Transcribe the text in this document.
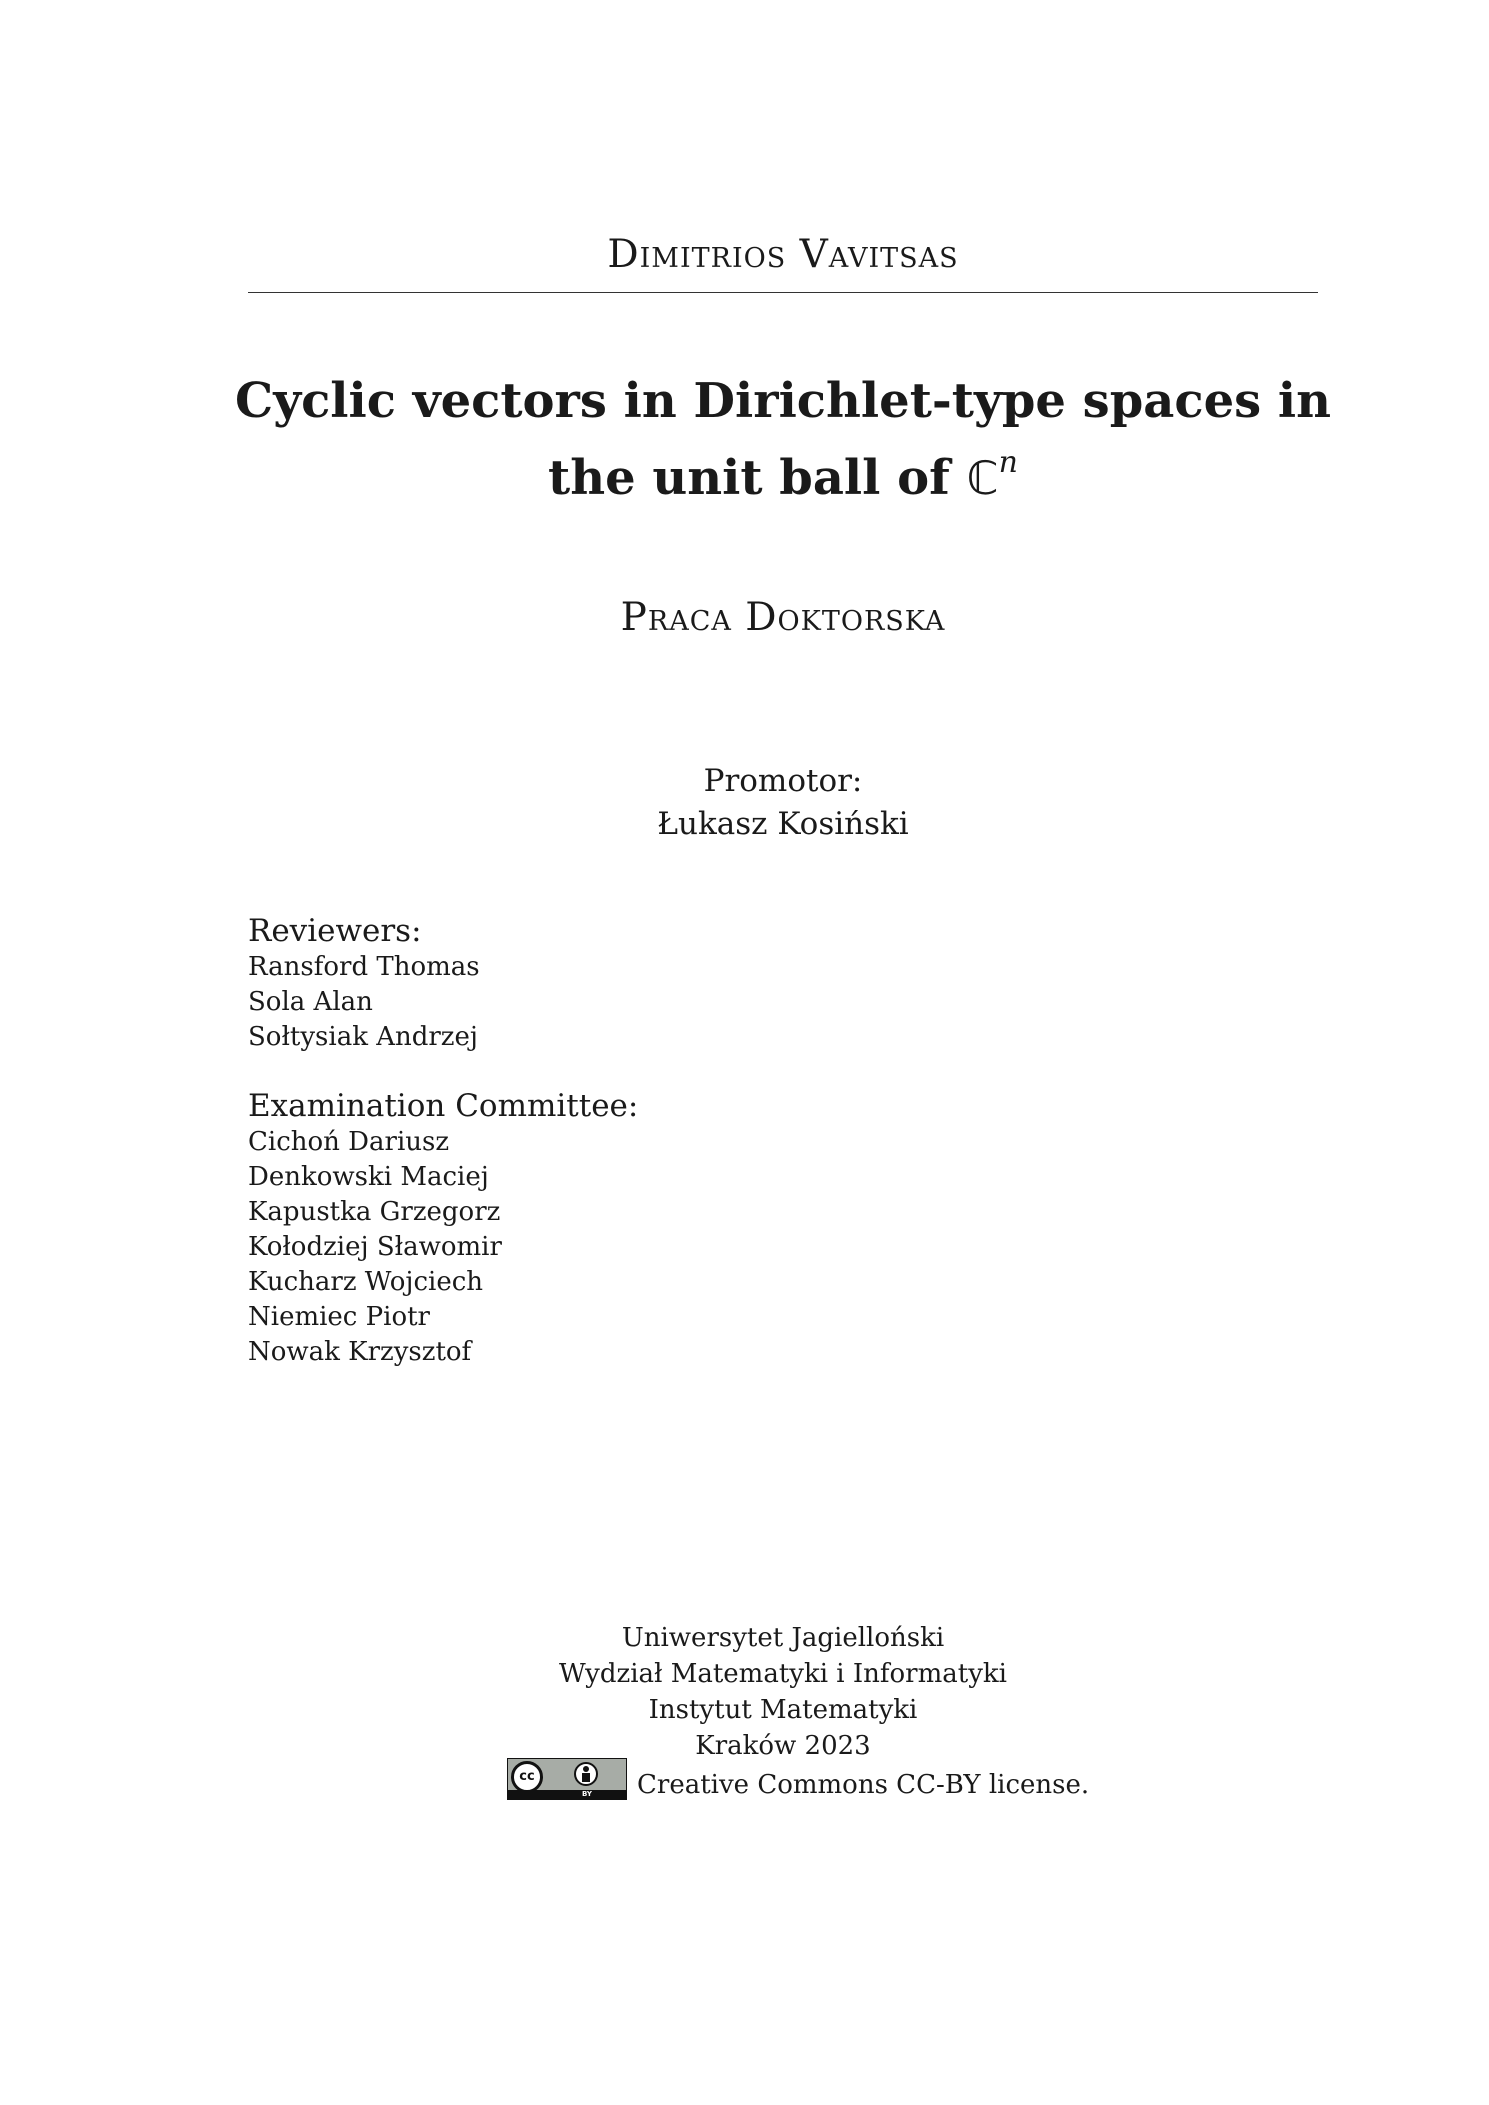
Dimitrios Vavitsas
Cyclic vectors in Dirichlet-type spaces in
the unit ball of ℂ$^n$
Praca Doktorska
Promotor:
Łukasz Kosiński
Reviewers:
Ransford Thomas
Sola Alan
Sołtysiak Andrzej
Examination Committee:
Cichoń Dariusz
Denkowski Maciej
Kapustka Grzegorz
Kołodziej Sławomir
Kucharz Wojciech
Niemiec Piotr
Nowak Krzysztof
Uniwersytet Jagielloński
Wydział Matematyki i Informatyki
Instytut Matematyki
Kraków 2023
cc
BY Creative Commons CC-BY license.
